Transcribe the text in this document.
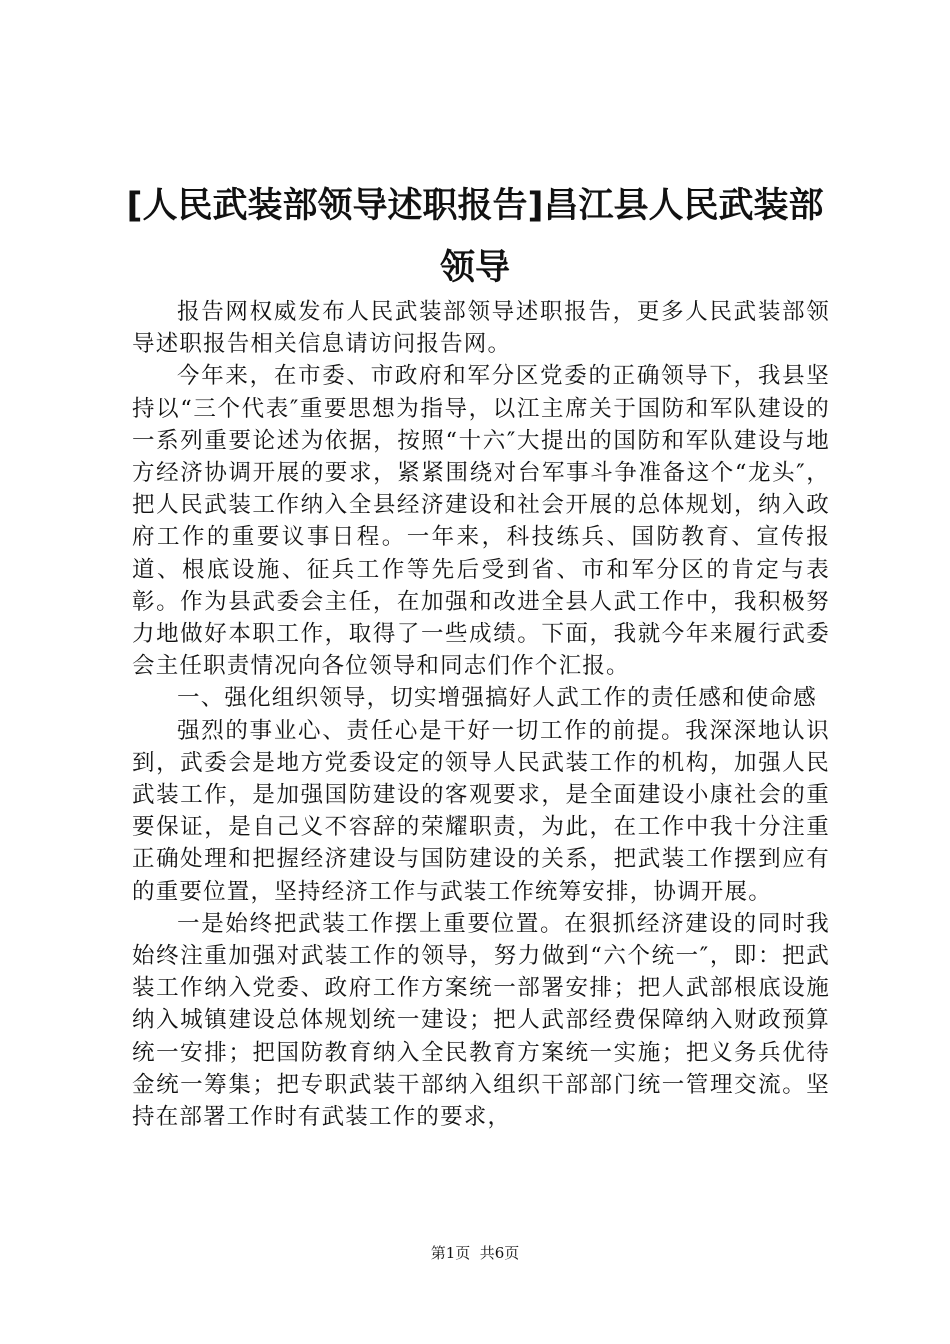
[人民武装部领导述职报告]昌江县人民武装部领导

报告网权威发布人民武装部领导述职报告，更多人民武装部领导述职报告相关信息请访问报告网。

今年来，在市委、市政府和军分区党委的正确领导下，我县坚持以“三个代表″重要思想为指导，以江主席关于国防和军队建设的一系列重要论述为依据，按照“十六″大提出的国防和军队建设与地方经济协调开展的要求，紧紧围绕对台军事斗争准备这个“龙头″，把人民武装工作纳入全县经济建设和社会开展的总体规划，纳入政府工作的重要议事日程。一年来，科技练兵、国防教育、宣传报道、根底设施、征兵工作等先后受到省、市和军分区的肯定与表彰。作为县武委会主任，在加强和改进全县人武工作中，我积极努力地做好本职工作，取得了一些成绩。下面，我就今年来履行武委会主任职责情况向各位领导和同志们作个汇报。

一、强化组织领导，切实增强搞好人武工作的责任感和使命感

强烈的事业心、责任心是干好一切工作的前提。我深深地认识到，武委会是地方党委设定的领导人民武装工作的机构，加强人民武装工作，是加强国防建设的客观要求，是全面建设小康社会的重要保证，是自己义不容辞的荣耀职责，为此，在工作中我十分注重正确处理和把握经济建设与国防建设的关系，把武装工作摆到应有的重要位置，坚持经济工作与武装工作统筹安排，协调开展。

一是始终把武装工作摆上重要位置。在狠抓经济建设的同时我始终注重加强对武装工作的领导，努力做到“六个统一″，即：把武装工作纳入党委、政府工作方案统一部署安排；把人武部根底设施纳入城镇建设总体规划统一建设；把人武部经费保障纳入财政预算统一安排；把国防教育纳入全民教育方案统一实施；把义务兵优待金统一筹集；把专职武装干部纳入组织干部部门统一管理交流。坚持在部署工作时有武装工作的要求，

第1页  共6页
